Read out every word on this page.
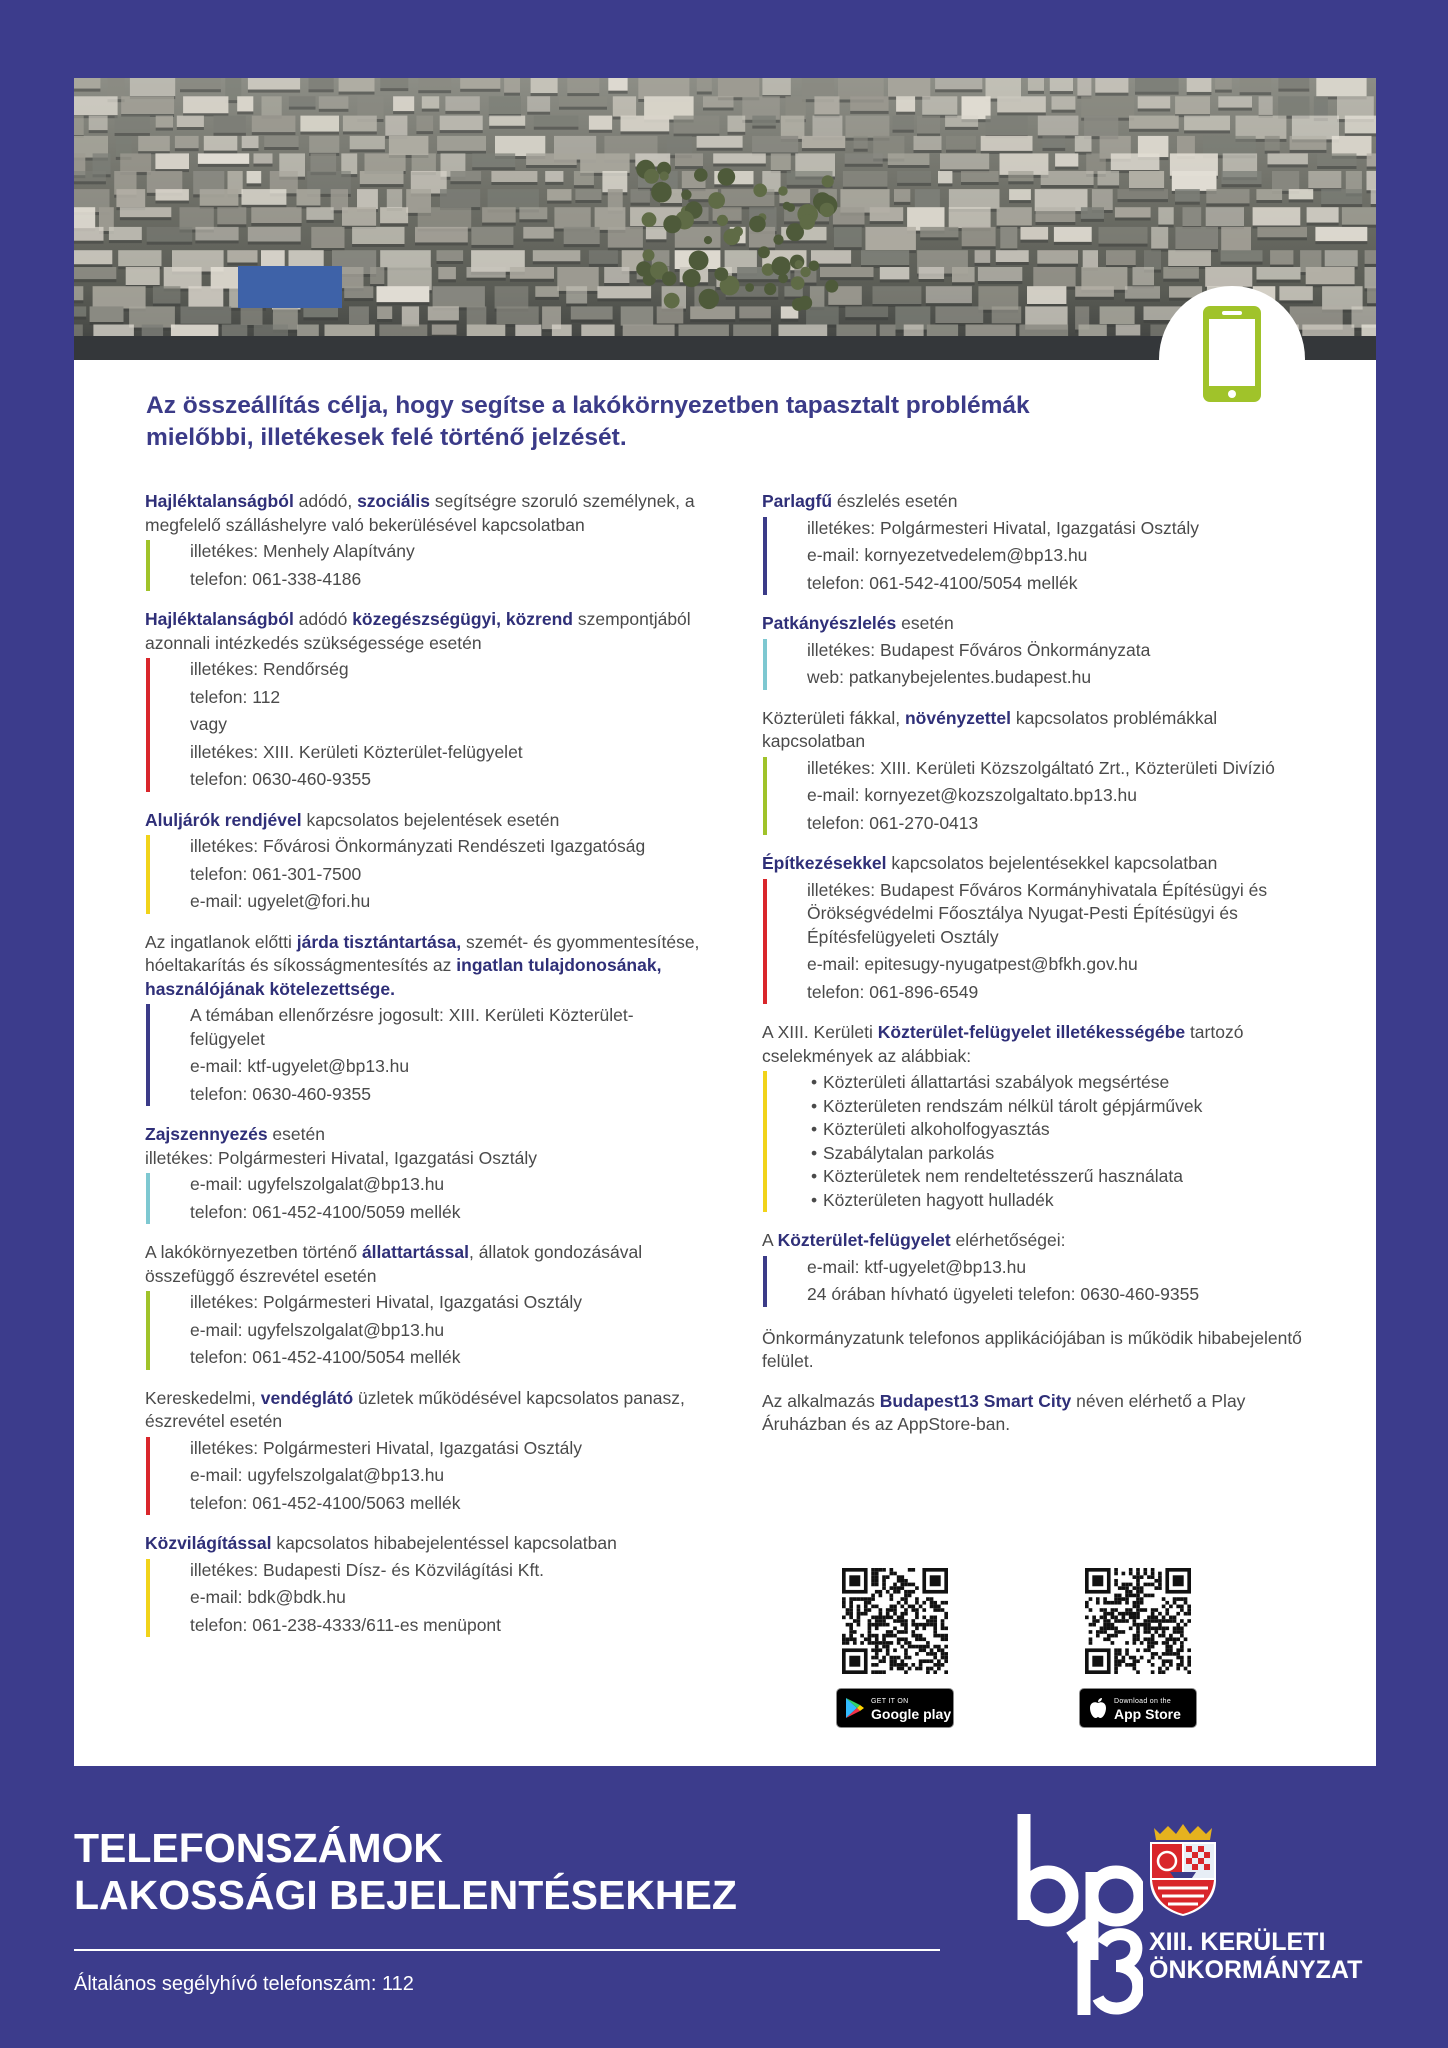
Az összeállítás célja, hogy segítse a lakókörnyezetben tapasztalt problémák mielőbbi, illetékesek felé történő jelzését.
Hajléktalanságból adódó, szociális segítségre szoruló személynek, a megfelelő szálláshelyre való bekerülésével kapcsolatban
illetékes: Menhely Alapítvány
telefon: 061-338-4186
Hajléktalanságból adódó közegészségügyi, közrend szempontjából azonnali intézkedés szükségessége esetén
illetékes: Rendőrség
telefon: 112
vagy
illetékes: XIII. Kerületi Közterület-felügyelet
telefon: 0630-460-9355
Aluljárók rendjével kapcsolatos bejelentések esetén
illetékes: Fővárosi Önkormányzati Rendészeti Igazgatóság
telefon: 061-301-7500
e-mail: ugyelet@fori.hu
Az ingatlanok előtti járda tisztántartása, szemét- és gyommentesítése, hóeltakarítás és síkosságmentesítés az ingatlan tulajdonosának, használójának kötelezettsége.
A témában ellenőrzésre jogosult: XIII. Kerületi Közterület-felügyelet
e-mail: ktf-ugyelet@bp13.hu
telefon: 0630-460-9355
Zajszennyezés esetén
illetékes: Polgármesteri Hivatal, Igazgatási Osztály
e-mail: ugyfelszolgalat@bp13.hu
telefon: 061-452-4100/5059 mellék
A lakókörnyezetben történő állattartással, állatok gondozásával összefüggő észrevétel esetén
illetékes: Polgármesteri Hivatal, Igazgatási Osztály
e-mail: ugyfelszolgalat@bp13.hu
telefon: 061-452-4100/5054 mellék
Kereskedelmi, vendéglátó üzletek működésével kapcsolatos panasz, észrevétel esetén
illetékes: Polgármesteri Hivatal, Igazgatási Osztály
e-mail: ugyfelszolgalat@bp13.hu
telefon: 061-452-4100/5063 mellék
Közvilágítással kapcsolatos hibabejelentéssel kapcsolatban
illetékes: Budapesti Dísz- és Közvilágítási Kft.
e-mail: bdk@bdk.hu
telefon: 061-238-4333/611-es menüpont
Parlagfű észlelés esetén
illetékes: Polgármesteri Hivatal, Igazgatási Osztály
e-mail: kornyezetvedelem@bp13.hu
telefon: 061-542-4100/5054 mellék
Patkányészlelés esetén
illetékes: Budapest Főváros Önkormányzata
web: patkanybejelentes.budapest.hu
Közterületi fákkal, növényzettel kapcsolatos problémákkal kapcsolatban
illetékes: XIII. Kerületi Közszolgáltató Zrt., Közterületi Divízió
e-mail: kornyezet@kozszolgaltato.bp13.hu
telefon: 061-270-0413
Építkezésekkel kapcsolatos bejelentésekkel kapcsolatban
illetékes: Budapest Főváros Kormányhivatala Építésügyi és Örökségvédelmi Főosztálya Nyugat-Pesti Építésügyi és Építésfelügyeleti Osztály
e-mail: epitesugy-nyugatpest@bfkh.gov.hu
telefon: 061-896-6549
A XIII. Kerületi Közterület-felügyelet illetékességébe tartozó cselekmények az alábbiak:
• Közterületi állattartási szabályok megsértése
• Közterületen rendszám nélkül tárolt gépjárművek
• Közterületi alkoholfogyasztás
• Szabálytalan parkolás
• Közterületek nem rendeltetésszerű használata
• Közterületen hagyott hulladék
A Közterület-felügyelet elérhetőségei:
e-mail: ktf-ugyelet@bp13.hu
24 órában hívható ügyeleti telefon: 0630-460-9355
Önkormányzatunk telefonos applikációjában is működik hibabejelentő felület.
Az alkalmazás Budapest13 Smart City néven elérhető a Play Áruházban és az AppStore-ban.
GET IT ON
Google play
Download on the
App Store
TELEFONSZÁMOK
LAKOSSÁGI BEJELENTÉSEKHEZ
Általános segélyhívó telefonszám: 112
XIII. KERÜLETI
ÖNKORMÁNYZAT
